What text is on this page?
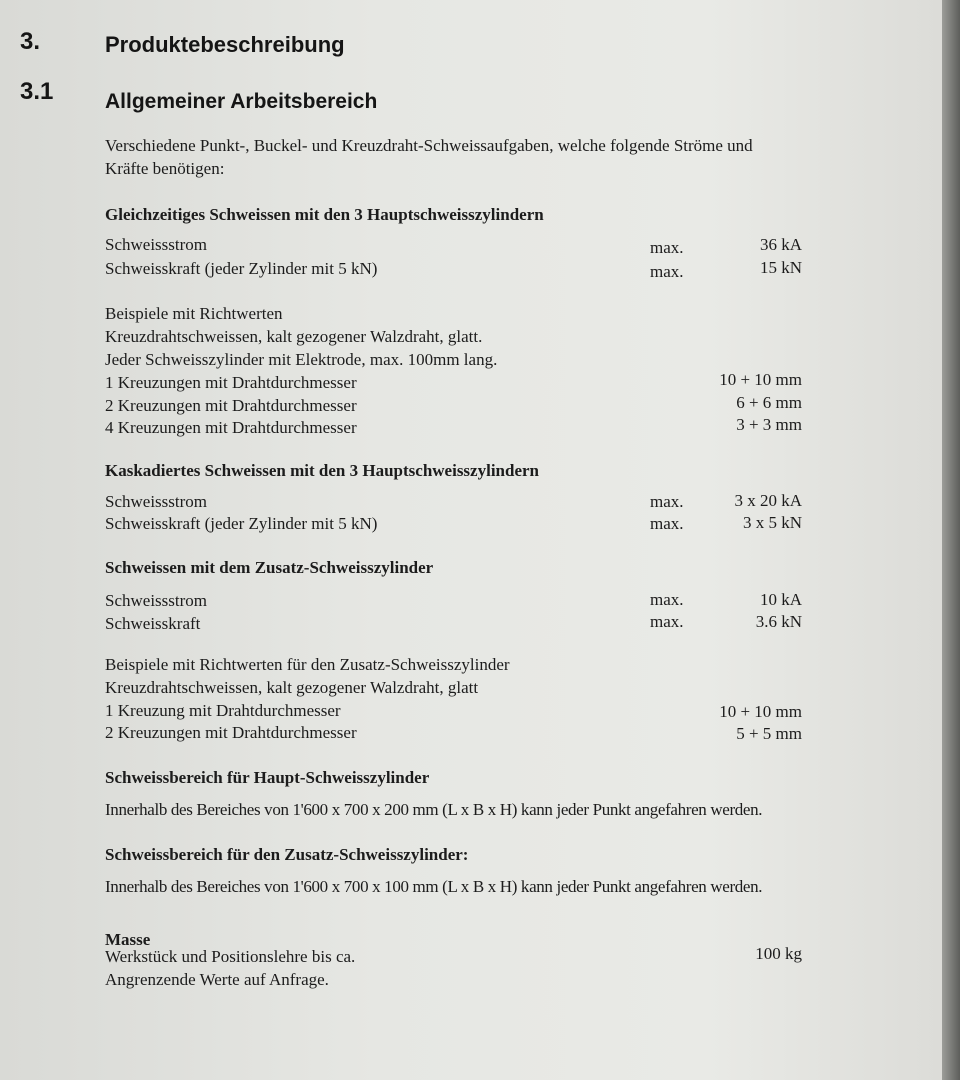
3.	Produktebeschreibung
3.1 Allgemeiner Arbeitsbereich
Verschiedene Punkt-, Buckel- und Kreuzdraht-Schweissaufgaben, welche folgende Ströme und
Kräfte benötigen:
Gleichzeitiges Schweissen mit den 3 Hauptschweisszylindern
Schweissstrom	max.	36 kA
Schweisskraft (jeder Zylinder mit 5 kN)	max.	15 kN
Beispiele mit Richtwerten
Kreuzdrahtschweissen, kalt gezogener Walzdraht, glatt.
Jeder Schweisszylinder mit Elektrode, max. 100mm lang.
1 Kreuzungen mit Drahtdurchmesser	10 + 10 mm
2 Kreuzungen mit Drahtdurchmesser	6 + 6 mm
4 Kreuzungen mit Drahtdurchmesser	3 + 3 mm
Kaskadiertes Schweissen mit den 3 Hauptschweisszylindern
Schweissstrom	max.	3 x 20 kA
Schweisskraft (jeder Zylinder mit 5 kN)	max.	3 x 5 kN
Schweissen mit dem Zusatz-Schweisszylinder
Schweissstrom	max.	10 kA
Schweisskraft	max.	3.6 kN
Beispiele mit Richtwerten für den Zusatz-Schweisszylinder
Kreuzdrahtschweissen, kalt gezogener Walzdraht, glatt
1 Kreuzung mit Drahtdurchmesser	10 + 10 mm
2 Kreuzungen mit Drahtdurchmesser	5 + 5 mm
Schweissbereich für Haupt-Schweisszylinder
Innerhalb des Bereiches von 1'600 x 700 x 200 mm (L x B x H) kann jeder Punkt angefahren werden.
Schweissbereich für den Zusatz-Schweisszylinder:
Innerhalb des Bereiches von 1'600 x 700 x 100 mm (L x B x H) kann jeder Punkt angefahren werden.
Masse
Werkstück und Positionslehre bis ca.	100 kg
Angrenzende Werte auf Anfrage.
